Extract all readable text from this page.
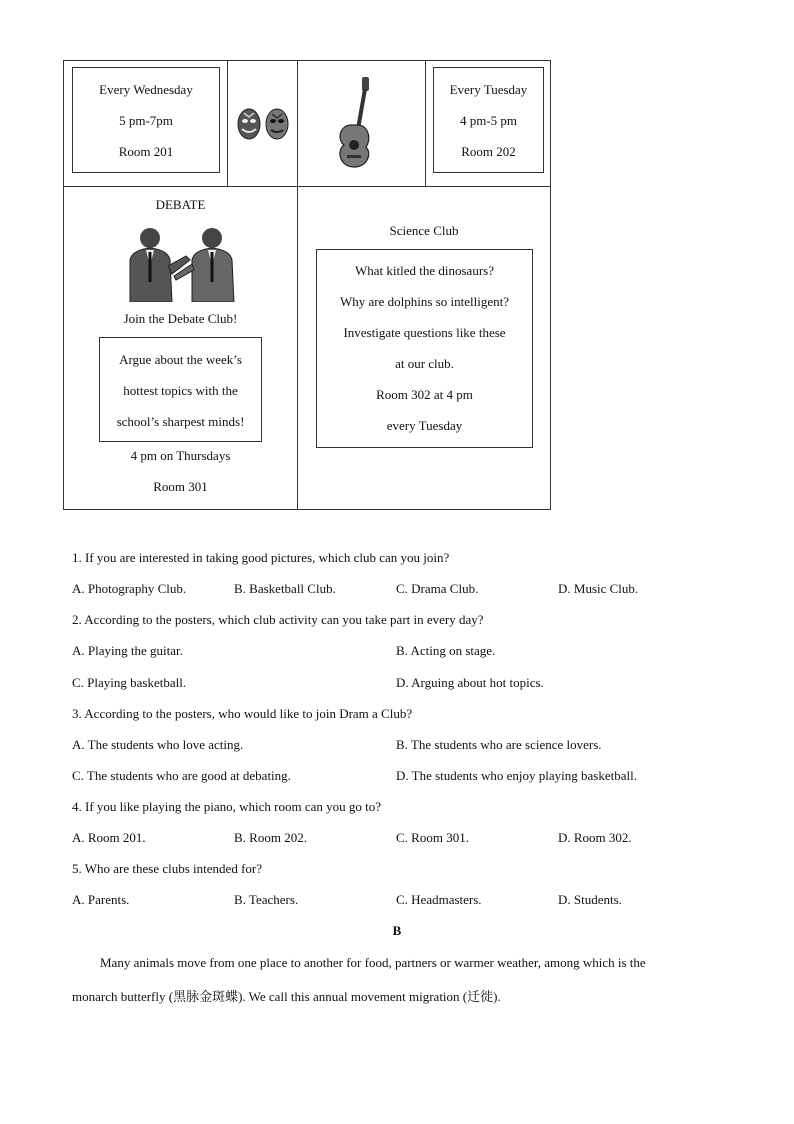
Every Wednesday
5 pm-7pm
Room 201
Every Tuesday
4 pm-5 pm
Room 202
DEBATE
Join the Debate Club!
Argue about the week’s
hottest topics with the
school’s sharpest minds!
4 pm on Thursdays
Room 301
Science Club
What kitled the dinosaurs?
Why are dolphins so intelligent?
Investigate questions like these
at our club.
Room 302 at 4 pm
every Tuesday
1. If you are interested in taking good pictures, which club can you join?
A. Photography Club.	B. Basketball Club.	C. Drama Club.	D. Music Club.
2. According to the posters, which club activity can you take part in every day?
A. Playing the guitar.	B. Acting on stage.
C. Playing basketball.	D. Arguing about hot topics.
3. According to the posters, who would like to join Dram a Club?
A. The students who love acting.	B. The students who are science lovers.
C. The students who are good at debating.	D. The students who enjoy playing basketball.
4. If you like playing the piano, which room can you go to?
A. Room 201.	B. Room 202.	C. Room 301.	D. Room 302.
5. Who are these clubs intended for?
A. Parents.	B. Teachers.	C. Headmasters.	D. Students.
B
Many animals move from one place to another for food, partners or warmer weather, among which is the
monarch butterfly (黑脉金斑蝶). We call this annual movement migration (迁徙).
